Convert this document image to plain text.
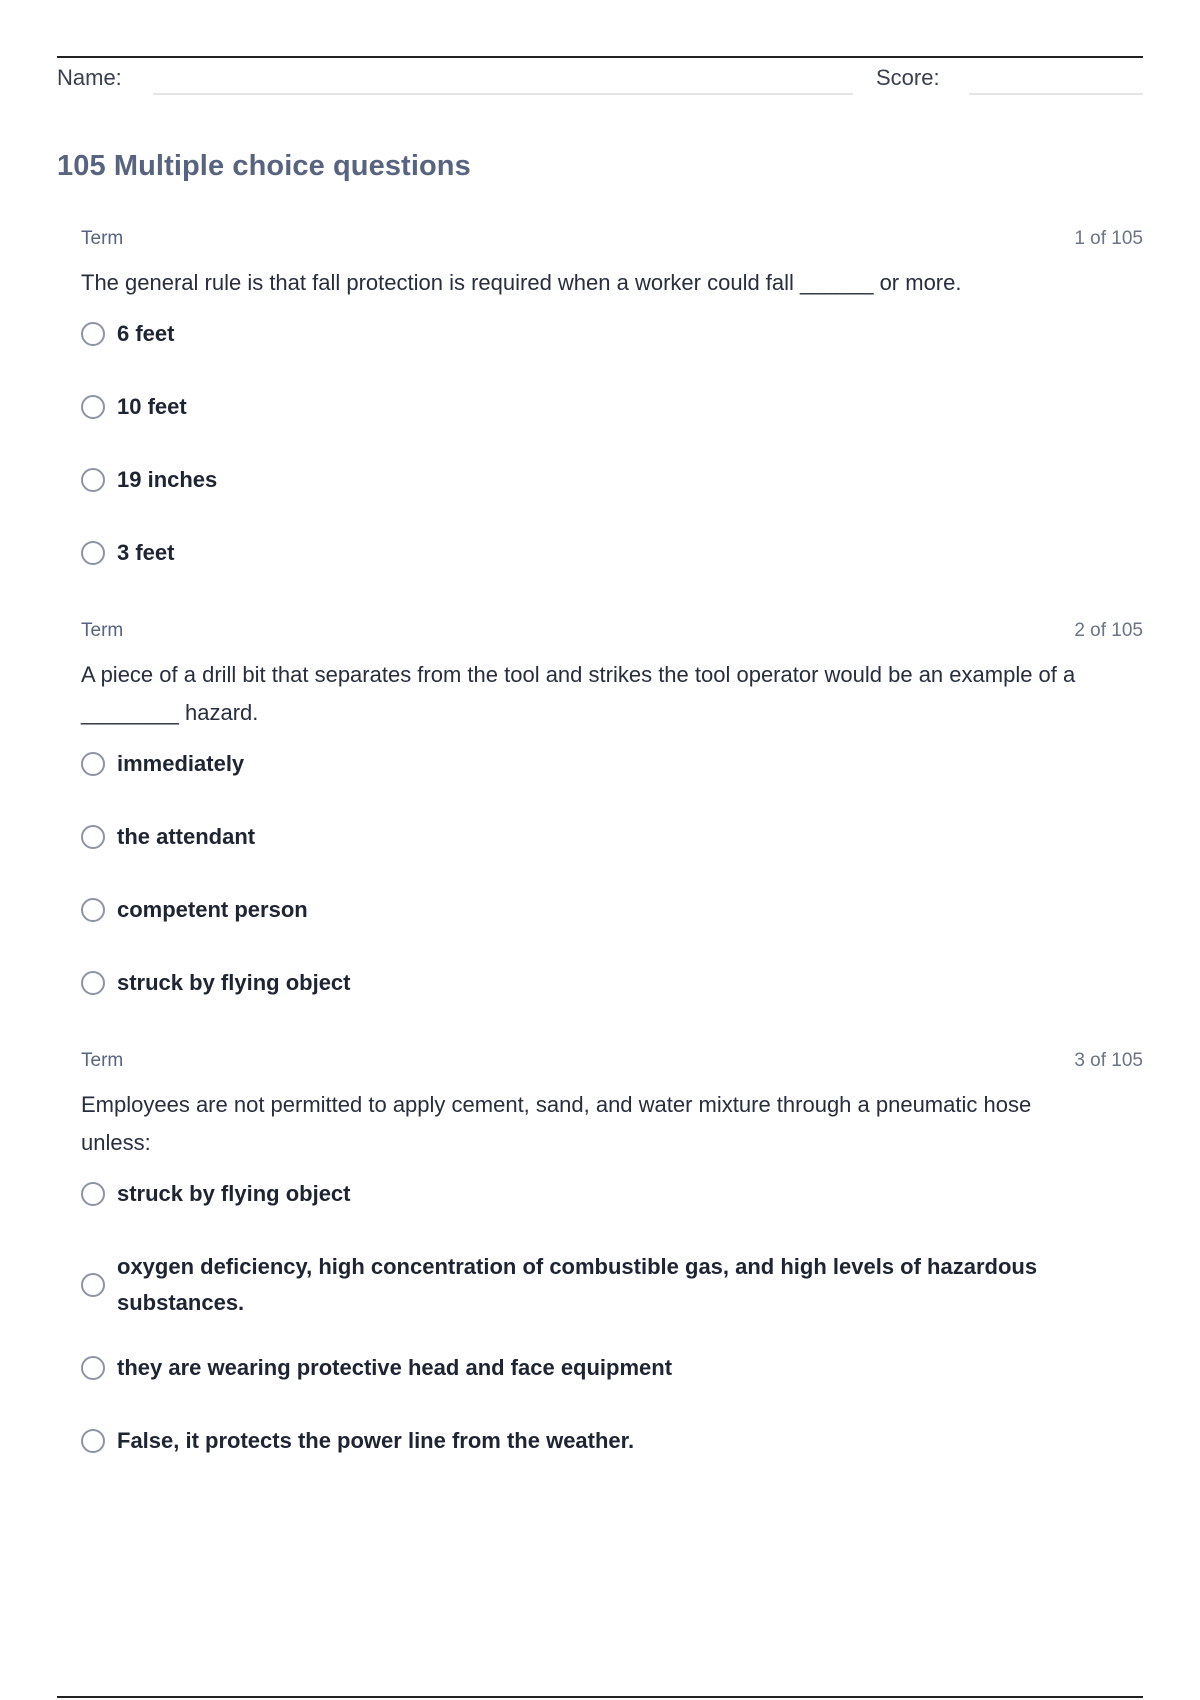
Name:	Score:
105 Multiple choice questions
Term	1 of 105

The general rule is that fall protection is required when a worker could fall ______ or more.

6 feet
10 feet
19 inches
3 feet
Term	2 of 105

A piece of a drill bit that separates from the tool and strikes the tool operator would be an example of a ________ hazard.

immediately
the attendant
competent person
struck by flying object
Term	3 of 105

Employees are not permitted to apply cement, sand, and water mixture through a pneumatic hose unless:

struck by flying object
oxygen deficiency, high concentration of combustible gas, and high levels of hazardous substances.
they are wearing protective head and face equipment
False, it protects the power line from the weather.
